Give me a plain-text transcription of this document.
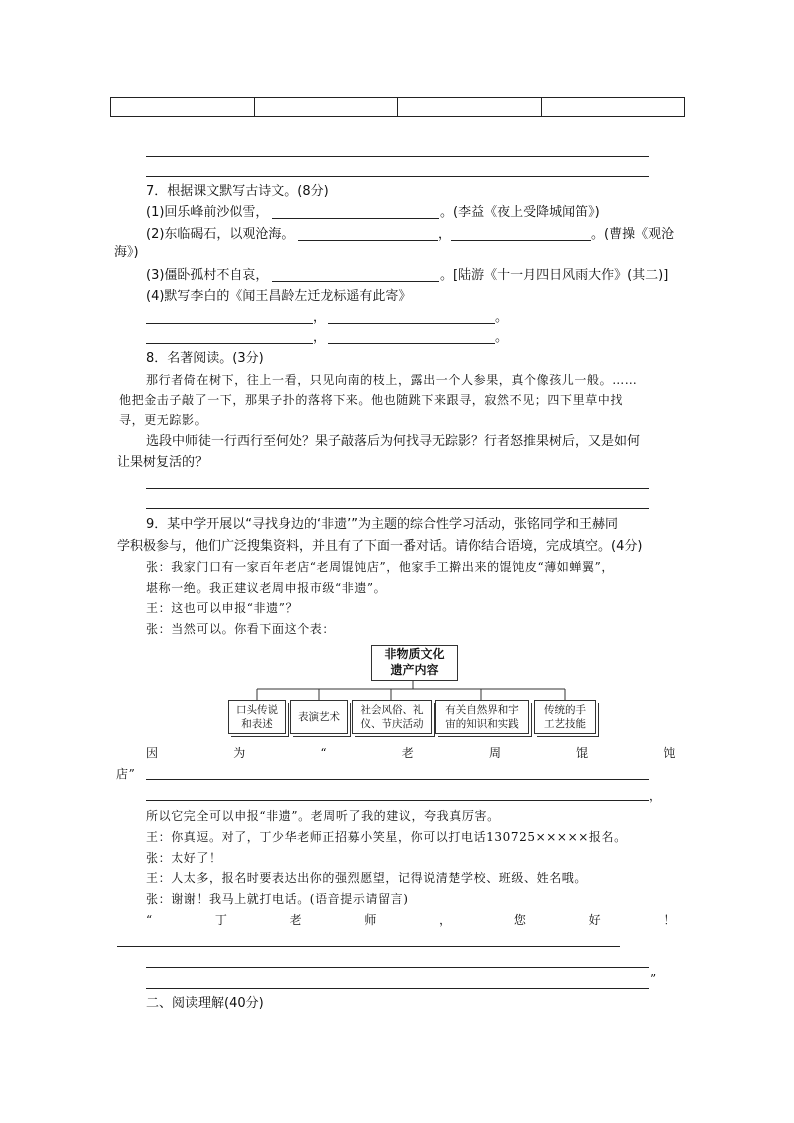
7．根据课文默写古诗文。(8分)
(1)回乐峰前沙似雪，	。(李益《夜上受降城闻笛》)
(2)东临碣石，以观沧海。	，	。(曹操《观沧
海》)
(3)僵卧孤村不自哀，	。[陆游《十一月四日风雨大作》(其二)]
(4)默写李白的《闻王昌龄左迁龙标遥有此寄》
，	。
，	。
8．名著阅读。(3分)
那行者倚在树下，往上一看，只见向南的枝上，露出一个人参果，真个像孩儿一般。……
他把金击子敲了一下，那果子扑的落将下来。他也随跳下来跟寻，寂然不见；四下里草中找
寻，更无踪影。
选段中师徒一行西行至何处？果子敲落后为何找寻无踪影？行者怒推果树后，又是如何
让果树复活的？
9．某中学开展以“寻找身边的‘非遗’”为主题的综合性学习活动，张铭同学和王赫同
学积极参与，他们广泛搜集资料，并且有了下面一番对话。请你结合语境，完成填空。(4分)
张：我家门口有一家百年老店“老周馄饨店”，他家手工擀出来的馄饨皮“薄如蝉翼”，
堪称一绝。我正建议老周申报市级“非遗”。
王：这也可以申报“非遗”？
张：当然可以。你看下面这个表：
非物质文化
遗产内容
口头传说
和表述
表演艺术
社会风俗、礼
仪、节庆活动
有关自然界和宇
宙的知识和实践
传统的手
工艺技能
因	为	“	老	周	馄	饨
店”
，
所以它完全可以申报“非遗”。老周听了我的建议，夸我真厉害。
王：你真逗。对了，丁少华老师正招募小笑星，你可以打电话130725×××××报名。
张：太好了！
王：人太多，报名时要表达出你的强烈愿望，记得说清楚学校、班级、姓名哦。
张：谢谢！我马上就打电话。(语音提示请留言)
“	丁	老	师	，	您	好	！
”
二、阅读理解(40分)
